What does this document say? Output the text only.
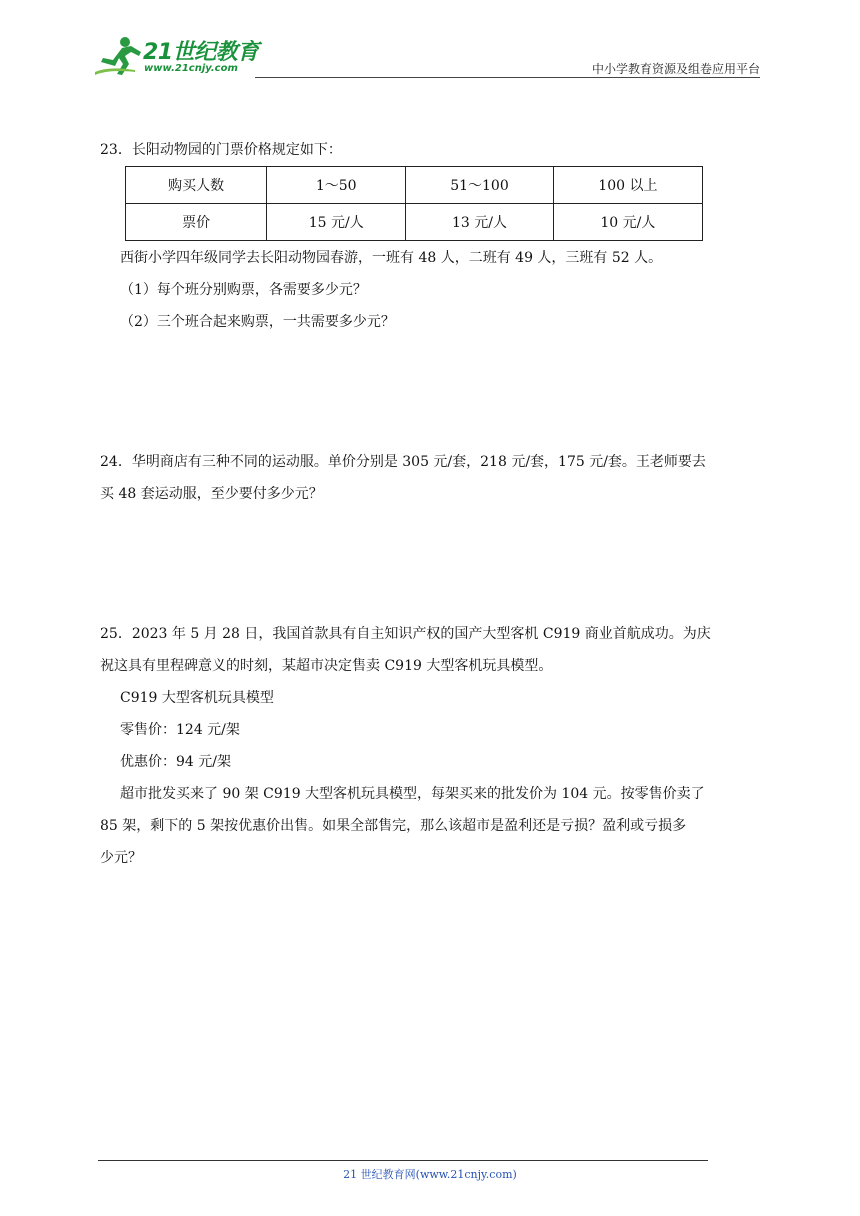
21世纪教育
www.21cnjy.com	中小学教育资源及组卷应用平台

23．长阳动物园的门票价格规定如下：

购买人数	1～50	51～100	100 以上
票价	15 元/人	13 元/人	10 元/人

西街小学四年级同学去长阳动物园春游，一班有 48 人，二班有 49 人，三班有 52 人。

（1）每个班分别购票，各需要多少元？

（2）三个班合起来购票，一共需要多少元？

24．华明商店有三种不同的运动服。单价分别是 305 元/套，218 元/套，175 元/套。王老师要去

买 48 套运动服，至少要付多少元？

25．2023 年 5 月 28 日，我国首款具有自主知识产权的国产大型客机 C919 商业首航成功。为庆

祝这具有里程碑意义的时刻，某超市决定售卖 C919 大型客机玩具模型。

C919 大型客机玩具模型

零售价：124 元/架

优惠价：94 元/架

超市批发买来了 90 架 C919 大型客机玩具模型，每架买来的批发价为 104 元。按零售价卖了

85 架，剩下的 5 架按优惠价出售。如果全部售完，那么该超市是盈利还是亏损？盈利或亏损多

少元？

21 世纪教育网(www.21cnjy.com)
